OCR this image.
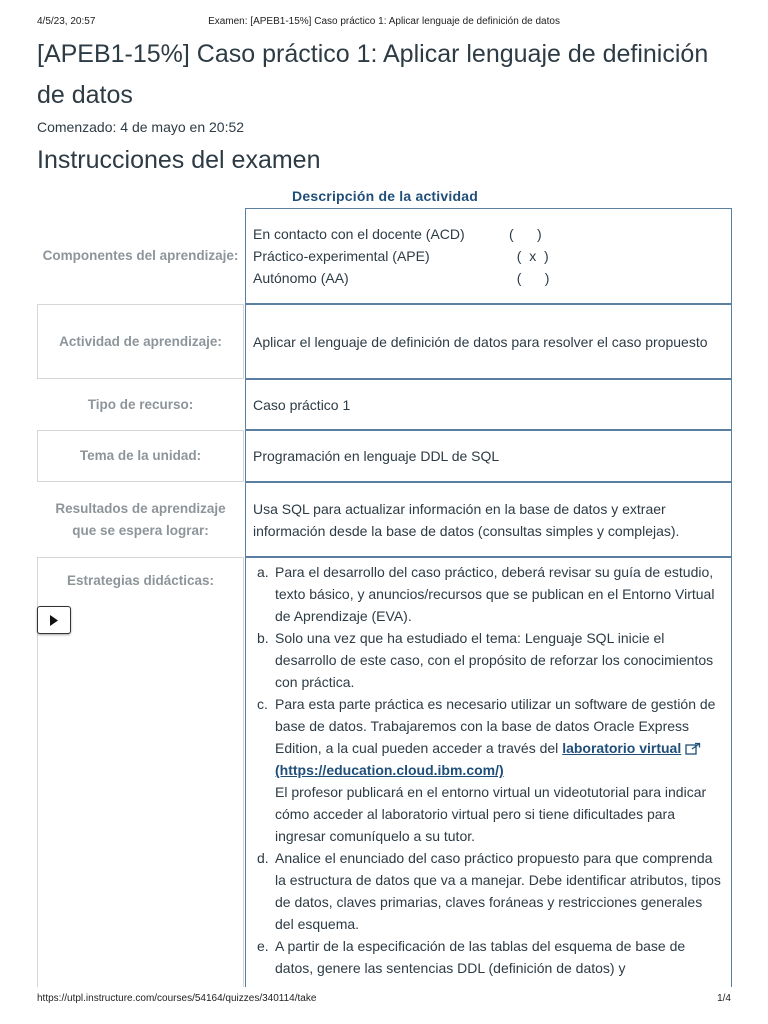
4/5/23, 20:57	Examen: [APEB1-15%] Caso práctico 1: Aplicar lenguaje de definición de datos
[APEB1-15%] Caso práctico 1: Aplicar lenguaje de definición de datos
Comenzado: 4 de mayo en 20:52
Instrucciones del examen
Descripción de la actividad
Componentes del aprendizaje:
En contacto con el docente (ACD)	(      )
Práctico-experimental (APE)	(  x  )
Autónomo (AA)	(      )
Actividad de aprendizaje:	Aplicar el lenguaje de definición de datos para resolver el caso propuesto
Tipo de recurso:	Caso práctico 1
Tema de la unidad:	Programación en lenguaje DDL de SQL
Resultados de aprendizaje que se espera lograr:
Usa SQL para actualizar información en la base de datos y extraer información desde la base de datos (consultas simples y complejas).
Estrategias didácticas:
a. Para el desarrollo del caso práctico, deberá revisar su guía de estudio, texto básico, y anuncios/recursos que se publican en el Entorno Virtual de Aprendizaje (EVA).
b. Solo una vez que ha estudiado el tema: Lenguaje SQL inicie el desarrollo de este caso, con el propósito de reforzar los conocimientos con práctica.
c. Para esta parte práctica es necesario utilizar un software de gestión de base de datos. Trabajaremos con la base de datos Oracle Express Edition, a la cual pueden acceder a través del laboratorio virtual (https://education.cloud.ibm.com/)
El profesor publicará en el entorno virtual un videotutorial para indicar cómo acceder al laboratorio virtual pero si tiene dificultades para ingresar comuníquelo a su tutor.
d. Analice el enunciado del caso práctico propuesto para que comprenda la estructura de datos que va a manejar. Debe identificar atributos, tipos de datos, claves primarias, claves foráneas y restricciones generales del esquema.
e. A partir de la especificación de las tablas del esquema de base de datos, genere las sentencias DDL (definición de datos) y
https://utpl.instructure.com/courses/54164/quizzes/340114/take	1/4
